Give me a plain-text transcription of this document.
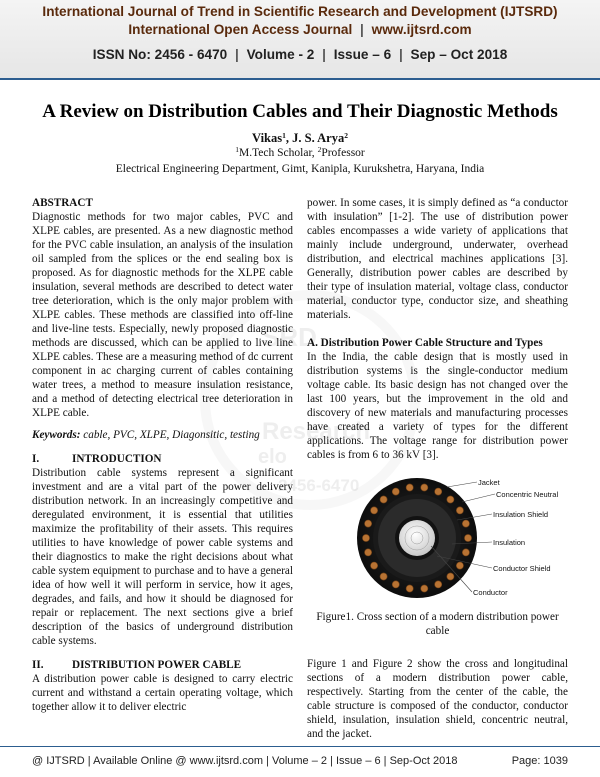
International Journal of Trend in Scientific Research and Development (IJTSRD)
International Open Access Journal | www.ijtsrd.com
ISSN No: 2456 - 6470 | Volume - 2 | Issue – 6 | Sep – Oct 2018
Research
elo
2456-6470
SRD
A Review on Distribution Cables and Their Diagnostic Methods
Vikas$^1$, J. S. Arya$^2$
$^1$M.Tech Scholar, $^2$Professor
Electrical Engineering Department, Gimt, Kanipla, Kurukshetra, Haryana, India

ABSTRACT

Diagnostic methods for two major cables, PVC and XLPE cables, are presented. As a new diagnostic method for the PVC cable insulation, an analysis of the insulation oil sampled from the splices or the end sealing box is proposed. As for diagnostic methods for the XLPE cable insulation, several methods are described to detect water tree deterioration, which is the only major problem with XLPE cables. These methods are classified into off-line and live-line tests. Especially, newly proposed diagnostic methods are discussed, which can be applied to live line XLPE cables. These are a measuring method of dc current component in ac charging current of cables containing water trees, a method to measure insulation resistance, and a method of detecting electrical tree deterioration in XLPE cable.

Keywords: cable, PVC, XLPE, Diagonsitic, testing

I.	INTRODUCTION

Distribution cable systems represent a significant investment and are a vital part of the power delivery distribution network. In an increasingly competitive and deregulated environment, it is essential that utilities maximize the profitability of their assets. This requires utilities to have knowledge of power cable systems and their diagnostics to make the right decisions about what cable system equipment to purchase and to have a general idea of how well it will perform in service, how it ages, degrades, and fails, and how it should be diagnosed for repair or replacement. The next sections give a brief description of the basics of underground distribution cable systems.

II.	DISTRIBUTION POWER CABLE

A distribution power cable is designed to carry electric current and withstand a certain operating voltage, which together allow it to deliver electric

power. In some cases, it is simply defined as “a conductor with insulation” [1-2]. The use of distribution power cables encompasses a wide variety of applications that mainly include underground, underwater, overhead distribution, and electrical machines applications [3]. Generally, distribution power cables are described by their type of insulation material, voltage class, conductor material, conductor type, conductor size, and sheathing materials.

A. Distribution Power Cable Structure and Types

In the India, the cable design that is mostly used in distribution systems is the single-conductor medium voltage cable. Its basic design has not changed over the last 100 years, but the improvement in the old and discovery of new materials and manufacturing processes have created a variety of types for the different applications. The voltage range for distribution power cables is from 6 to 36 kV [3].

Jacket
Concentric Neutral
Insulation Shield
Insulation
Conductor Shield
Conductor

Figure1. Cross section of a modern distribution power cable

Figure 1 and Figure 2 show the cross and longitudinal sections of a modern distribution power cable, respectively. Starting from the center of the cable, the cable structure is composed of the conductor, conductor shield, insulation, insulation shield, concentric neutral, and the jacket.

@ IJTSRD | Available Online @ www.ijtsrd.com | Volume – 2 | Issue – 6 | Sep-Oct 2018	Page: 1039
